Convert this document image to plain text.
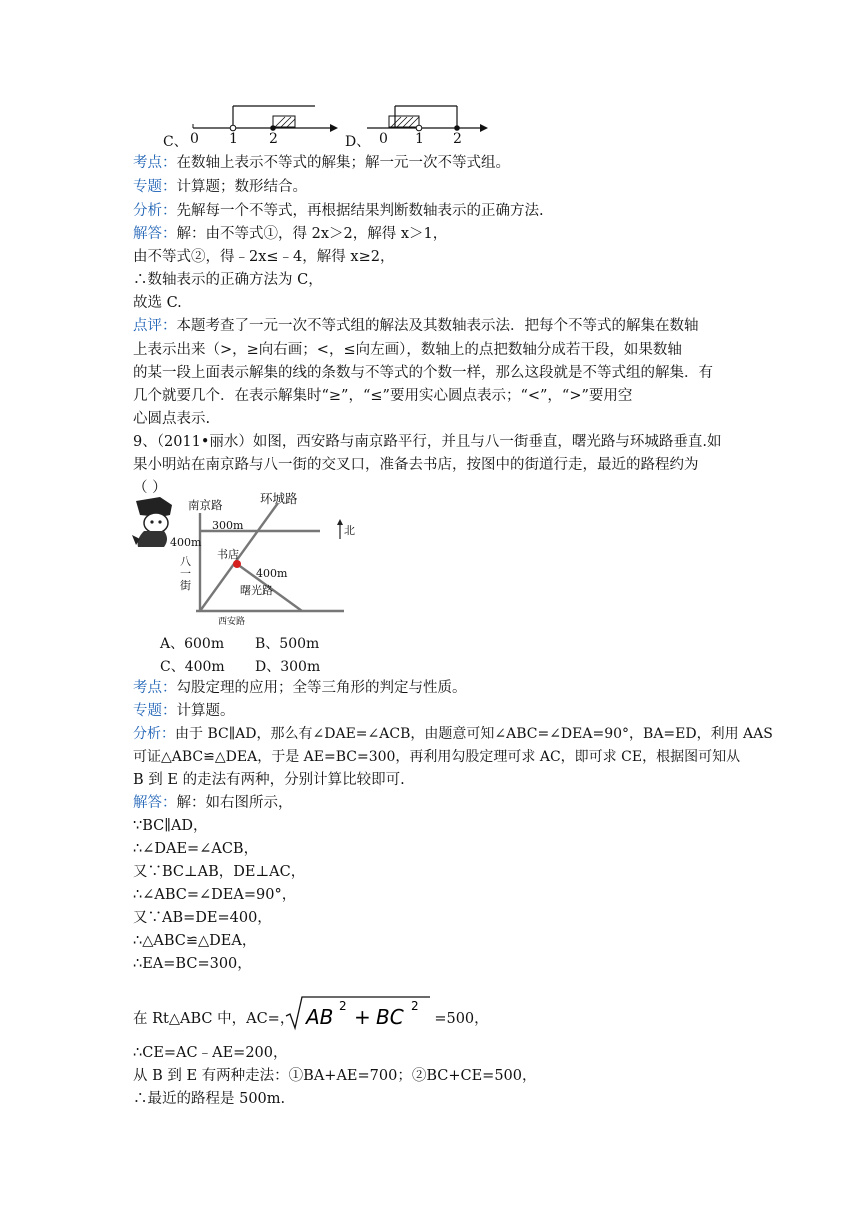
C、 0 1 2	D、 0 1 2
考点：在数轴上表示不等式的解集；解一元一次不等式组。
专题：计算题；数形结合。
分析：先解每一个不等式，再根据结果判断数轴表示的正确方法.
解答：解：由不等式①，得 2x＞2，解得 x＞1，
由不等式②，得﹣2x≤﹣4，解得 x≥2，
∴数轴表示的正确方法为 C，
故选 C.
点评：本题考查了一元一次不等式组的解法及其数轴表示法．把每个不等式的解集在数轴
上表示出来（>，≥向右画；<，≤向左画），数轴上的点把数轴分成若干段，如果数轴
的某一段上面表示解集的线的条数与不等式的个数一样，那么这段就是不等式组的解集．有
几个就要几个．在表示解集时“≥”，“≤”要用实心圆点表示；“<”，“>”要用空
心圆点表示.
9、（2011•丽水）如图，西安路与南京路平行，并且与八一街垂直，曙光路与环城路垂直.如
果小明站在南京路与八一街的交叉口，准备去书店，按图中的街道行走，最近的路程约为
（ ）
南京路	环城路
300m
400m
八
一
街
书店
400m
曙光路
西安路
北
A、600m B、500m
C、400m D、300m
考点：勾股定理的应用；全等三角形的判定与性质。
专题：计算题。
分析：由于 BC∥AD，那么有∠DAE=∠ACB，由题意可知∠ABC=∠DEA=90°，BA=ED，利用 AAS
可证△ABC≌△DEA，于是 AE=BC=300，再利用勾股定理可求 AC，即可求 CE，根据图可知从
B 到 E 的走法有两种，分别计算比较即可.
解答：解：如右图所示，
∵BC∥AD，
∴∠DAE=∠ACB，
又∵BC⊥AB，DE⊥AC，
∴∠ABC=∠DEA=90°，
又∵AB=DE=400，
∴△ABC≌△DEA，
∴EA=BC=300，
在 Rt△ABC 中，AC=， AB 2 + BC 2
=500，
∴CE=AC﹣AE=200，
从 B 到 E 有两种走法：①BA+AE=700；②BC+CE=500，
∴最近的路程是 500m.
